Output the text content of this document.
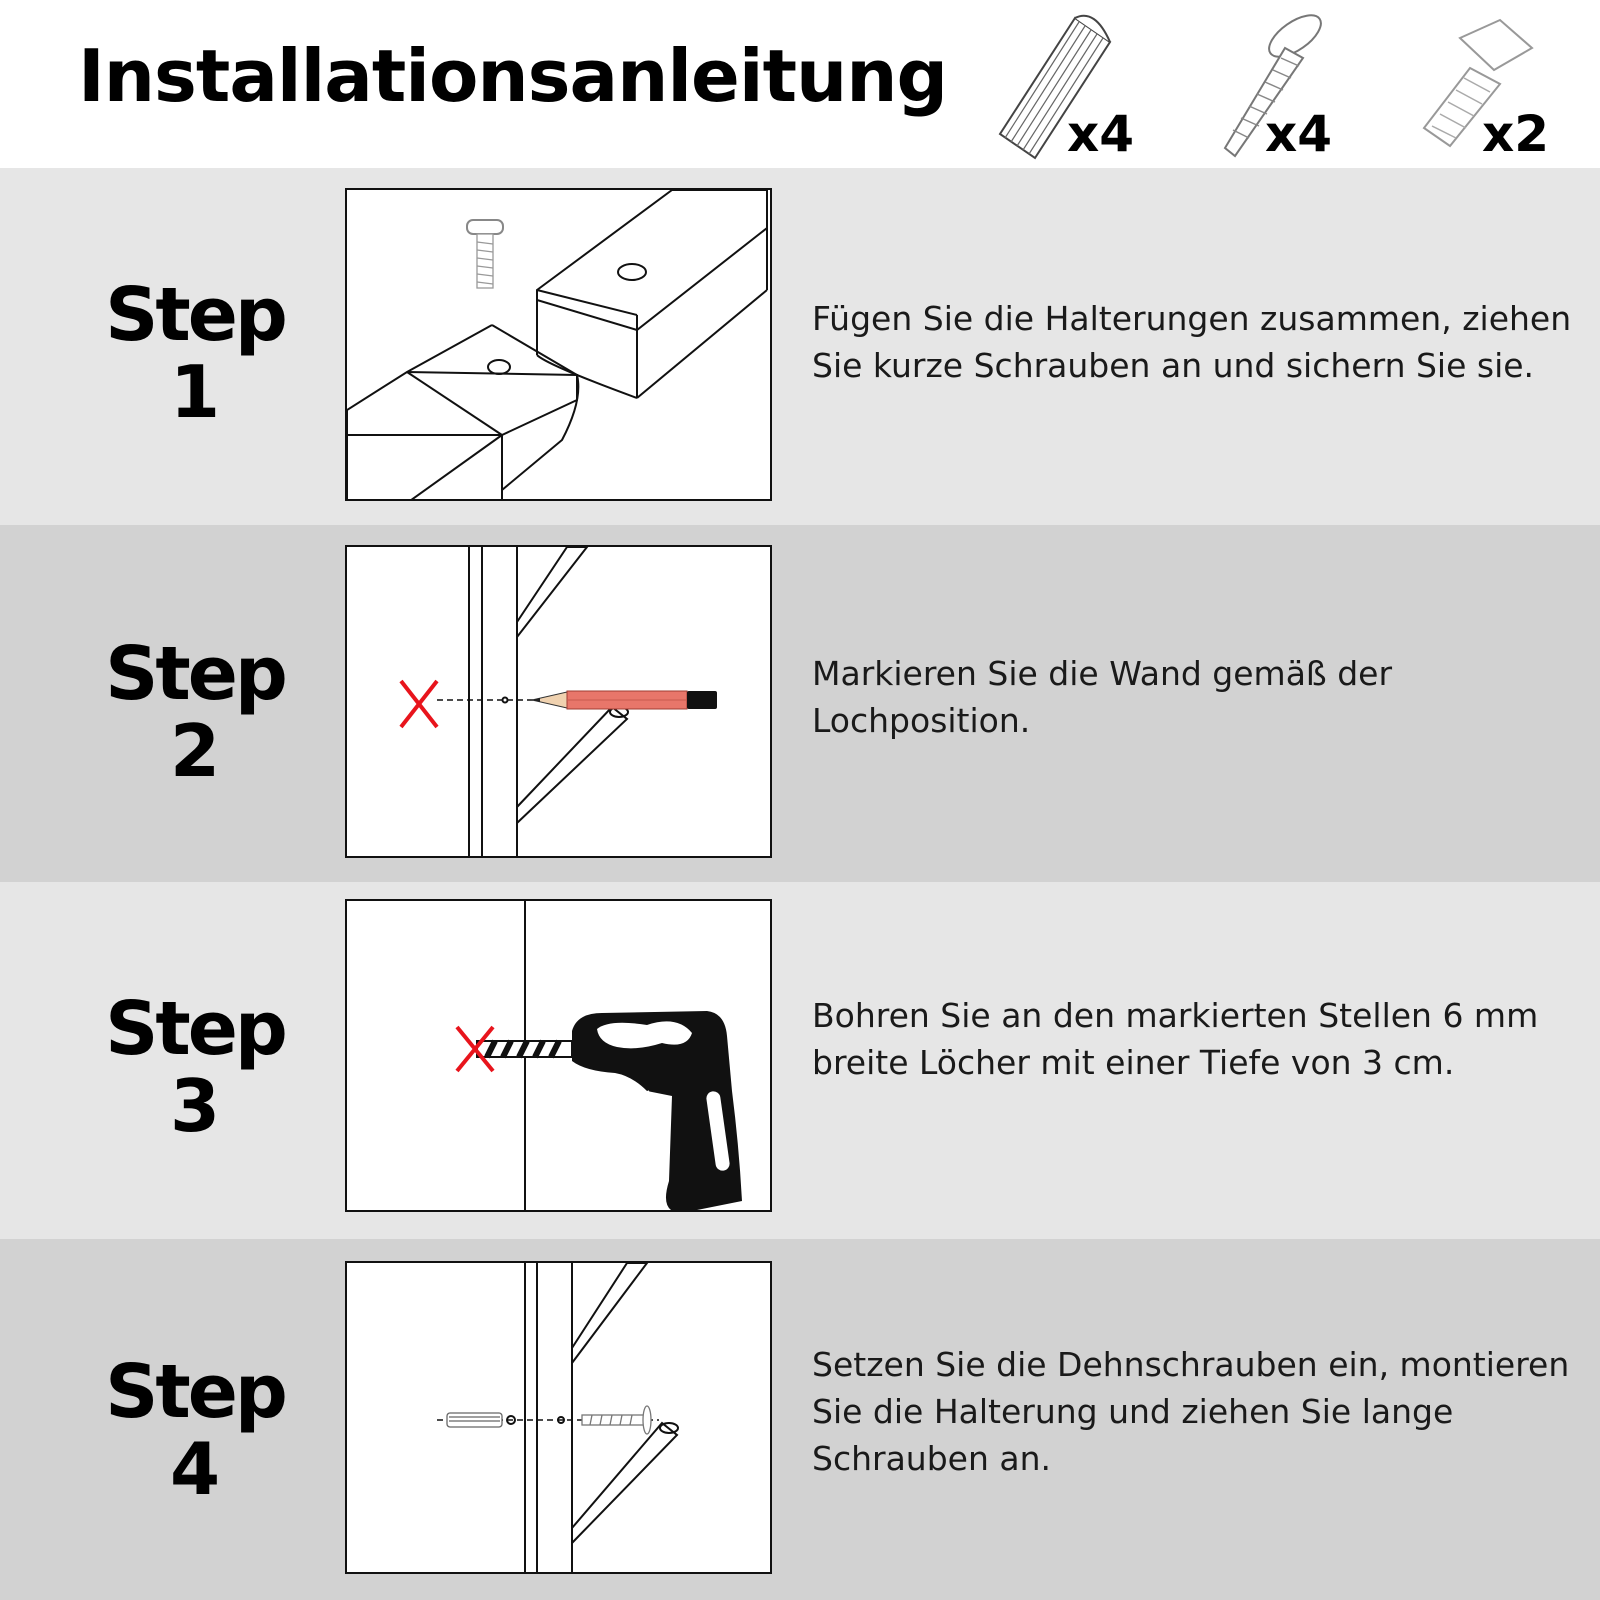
Installationsanleitung
x4	x4	x2
Step
1
Fügen Sie die Halterungen zusammen, ziehen Sie kurze Schrauben an und sichern Sie sie.
Step
2
Markieren Sie die Wand gemäß der Lochposition.
Step
3
Bohren Sie an den markierten Stellen 6 mm breite Löcher mit einer Tiefe von 3 cm.
Step
4
Setzen Sie die Dehnschrauben ein, montieren Sie die Halterung und ziehen Sie lange Schrauben an.
